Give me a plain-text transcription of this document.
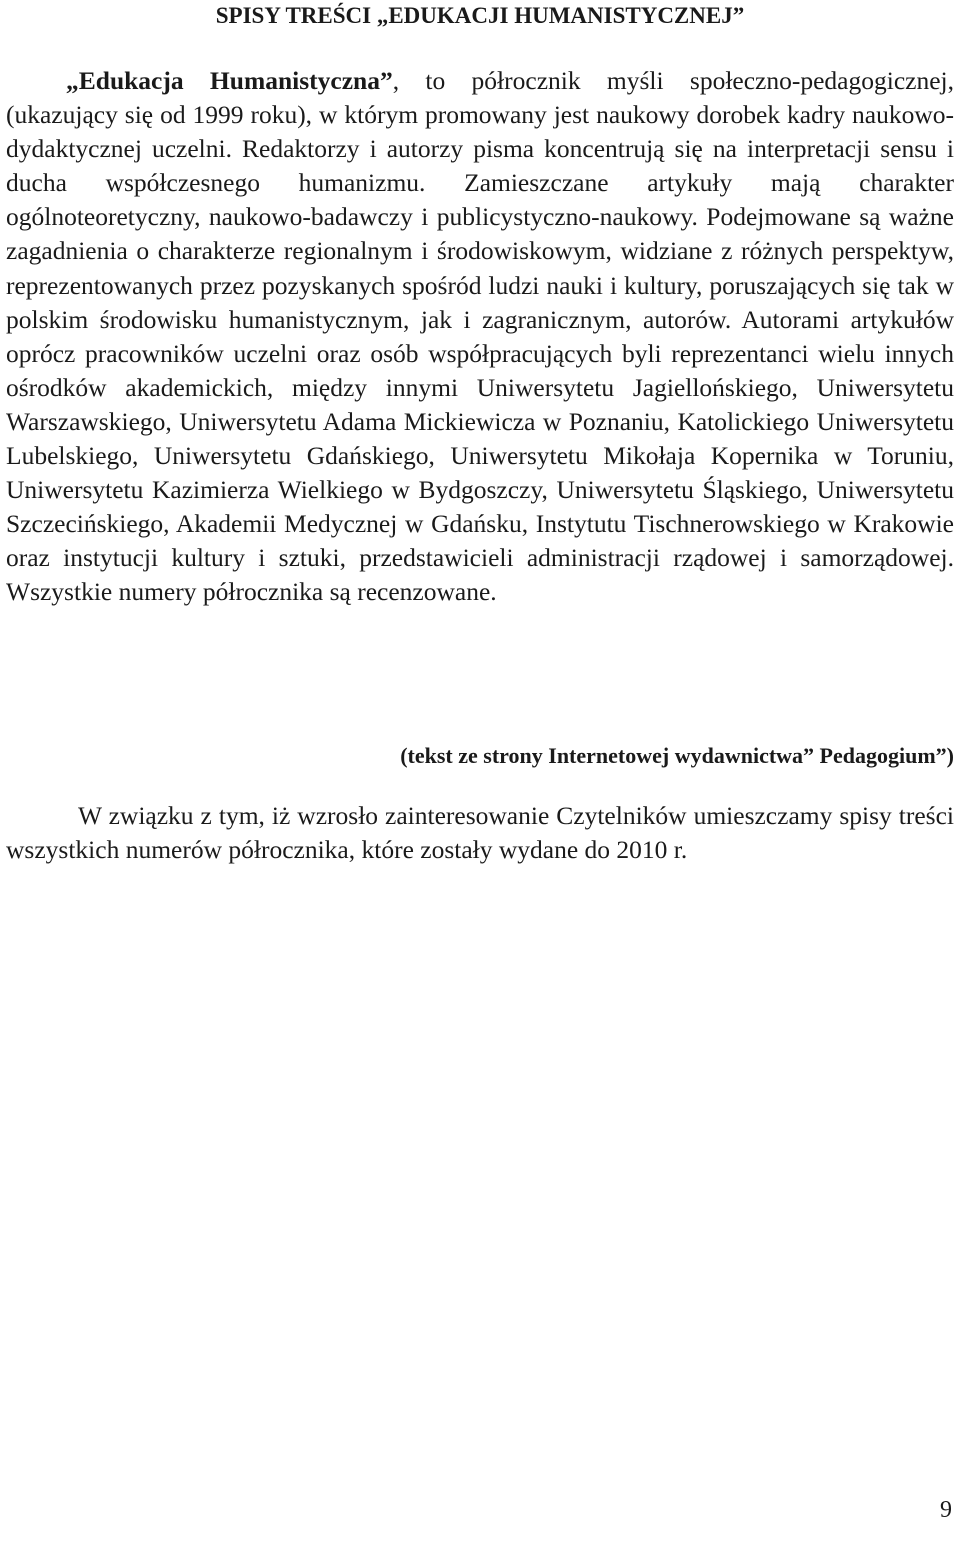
SPISY TREŚCI „EDUKACJI HUMANISTYCZNEJ”

„Edukacja Humanistyczna”, to półrocznik myśli społeczno-pedagogicznej, (ukazujący się od 1999 roku), w którym promowany jest naukowy dorobek kadry naukowo-dydaktycznej uczelni. Redaktorzy i autorzy pisma koncentrują się na interpretacji sensu i ducha współczesnego humanizmu. Zamieszczane artykuły mają charakter ogólnoteoretyczny, naukowo-badawczy i publicystyczno-naukowy. Podejmowane są ważne zagadnienia o charakterze regionalnym i środowiskowym, widziane z różnych perspektyw, reprezentowanych przez pozyskanych spośród ludzi nauki i kultury, poruszających się tak w polskim środowisku humanistycznym, jak i zagranicznym, autorów. Autorami artykułów oprócz pracowników uczelni oraz osób współpracujących byli reprezentanci wielu innych ośrodków akademickich, między innymi Uniwersytetu Jagiellońskiego, Uniwersytetu Warszawskiego, Uniwersytetu Adama Mickiewicza w Poznaniu, Katolickiego Uniwersytetu Lubelskiego, Uniwersytetu Gdańskiego, Uniwersytetu Mikołaja Kopernika w Toruniu, Uniwersytetu Kazimierza Wielkiego w Bydgoszczy, Uniwersytetu Śląskiego, Uniwersytetu Szczecińskiego, Akademii Medycznej w Gdańsku, Instytutu Tischnerowskiego w Krakowie oraz instytucji kultury i sztuki, przedstawicieli administracji rządowej i samorządowej. Wszystkie numery półrocznika są recenzowane.

(tekst ze strony Internetowej wydawnictwa” Pedagogium”)

W związku z tym, iż wzrosło zainteresowanie Czytelników umieszczamy spisy treści wszystkich numerów półrocznika, które zostały wydane do 2010 r.

9
